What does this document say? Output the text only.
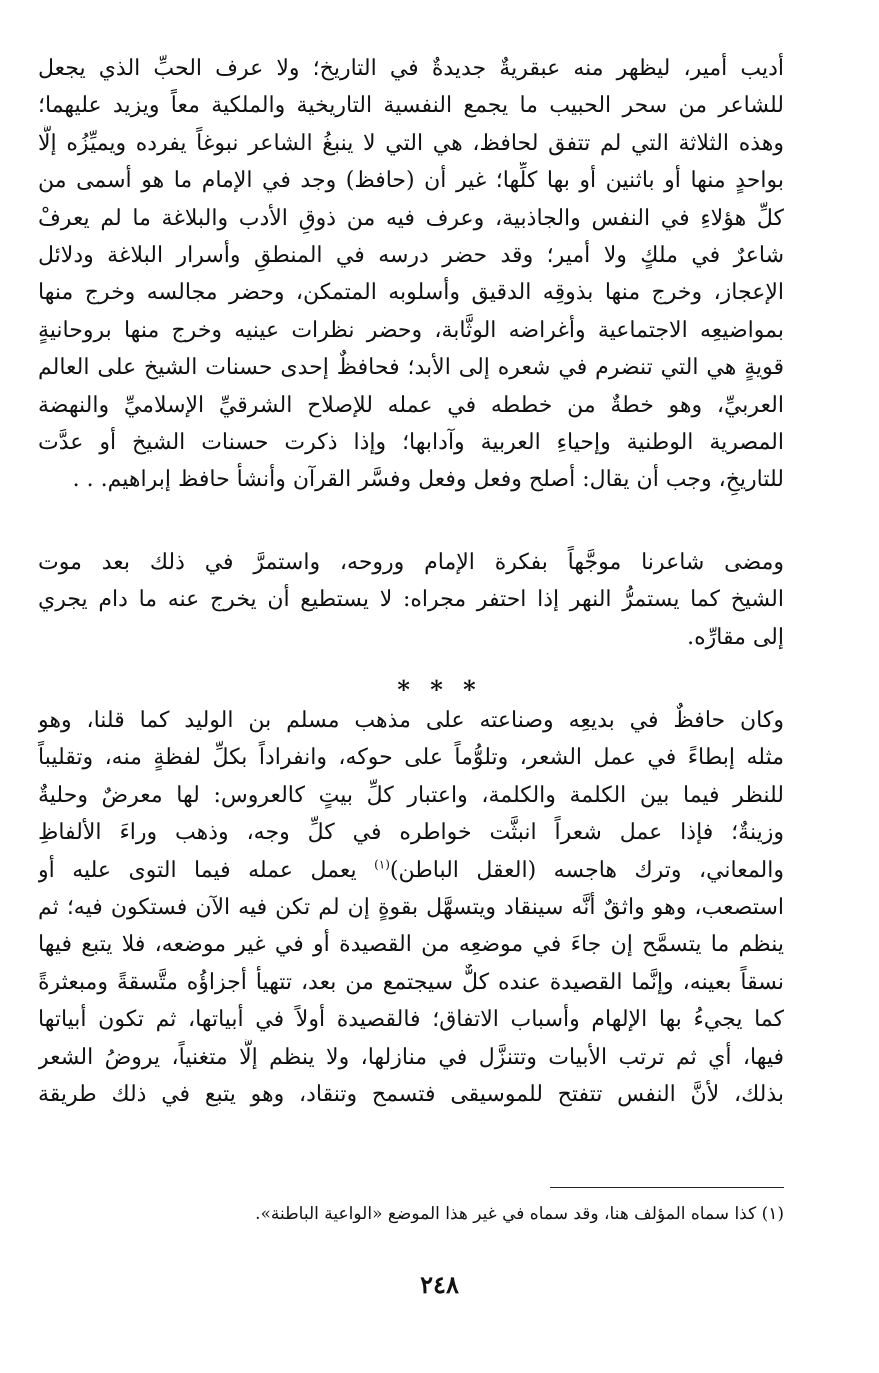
أديب أمير، ليظهر منه عبقريةٌ جديدةٌ في التاريخ؛ ولا عرف الحبِّ الذي يجعل
للشاعر من سحر الحبيب ما يجمع النفسية التاريخية والملكية معاً ويزيد عليهما؛
وهذه الثلاثة التي لم تتفق لحافظ، هي التي لا ينبغُ الشاعر نبوغاً يفرده ويميِّزُه إلَّا
بواحدٍ منها أو باثنين أو بها كلِّها؛ غير أن (حافظ) وجد في الإمام ما هو أسمى من
كلِّ هؤلاءِ في النفس والجاذبية، وعرف فيه من ذوقِ الأدب والبلاغة ما لم يعرفْ
شاعرٌ في ملكٍ ولا أمير؛ وقد حضر درسه في المنطقِ وأسرار البلاغة ودلائل
الإعجاز، وخرج منها بذوقِه الدقيق وأسلوبه المتمكن، وحضر مجالسه وخرج منها
بمواضيعِه الاجتماعية وأغراضه الوثَّابة، وحضر نظرات عينيه وخرج منها بروحانيةٍ
قويةٍ هي التي تنضرم في شعره إلى الأبد؛ فحافظٌ إحدى حسنات الشيخ على العالم
العربيِّ، وهو خطةٌ من خططه في عمله للإصلاح الشرقيِّ الإسلاميِّ والنهضة
المصرية الوطنية وإحياءِ العربية وآدابها؛ وإذا ذكرت حسنات الشيخ أو عدَّت
للتاريخِ، وجب أن يقال: أصلح وفعل وفعل وفسَّر القرآن وأنشأ حافظ إبراهيم. . .
ومضى شاعرنا موجَّهاً بفكرة الإمام وروحه، واستمرَّ في ذلك بعد موت
الشيخ كما يستمرُّ النهر إذا احتفر مجراه: لا يستطيع أن يخرج عنه ما دام يجري
إلى مقارِّه.
* * *
وكان حافظٌ في بديعِه وصناعته على مذهب مسلم بن الوليد كما قلنا، وهو
مثله إبطاءً في عمل الشعر، وتلوُّماً على حوكه، وانفراداً بكلِّ لفظةٍ منه، وتقليباً
للنظر فيما بين الكلمة والكلمة، واعتبار كلِّ بيتٍ كالعروس: لها معرضٌ وحليةٌ
وزينةٌ؛ فإذا عمل شعراً انبثَّت خواطره في كلِّ وجه، وذهب وراءَ الألفاظِ
والمعاني، وترك هاجسه (العقل الباطن)$^{(١)}$ يعمل عمله فيما التوى عليه أو
استصعب، وهو واثقٌ أنَّه سينقاد ويتسهَّل بقوةٍ إن لم تكن فيه الآن فستكون فيه؛ ثم
ينظم ما يتسمَّح إن جاءَ في موضعِه من القصيدة أو في غير موضعه، فلا يتبع فيها
نسقاً بعينه، وإنَّما القصيدة عنده كلٌّ سيجتمع من بعد، تتهيأ أجزاؤُه متَّسقةً ومبعثرةً
كما يجيءُ بها الإلهام وأسباب الاتفاق؛ فالقصيدة أولاً في أبياتها، ثم تكون أبياتها
فيها، أي ثم ترتب الأبيات وتتنزَّل في منازلها، ولا ينظم إلَّا متغنياً، يروضُ الشعر
بذلك، لأنَّ النفس تتفتح للموسيقى فتسمح وتنقاد، وهو يتبع في ذلك طريقة

(١) كذا سماه المؤلف هنا، وقد سماه في غير هذا الموضع «الواعية الباطنة».

٢٤٨
